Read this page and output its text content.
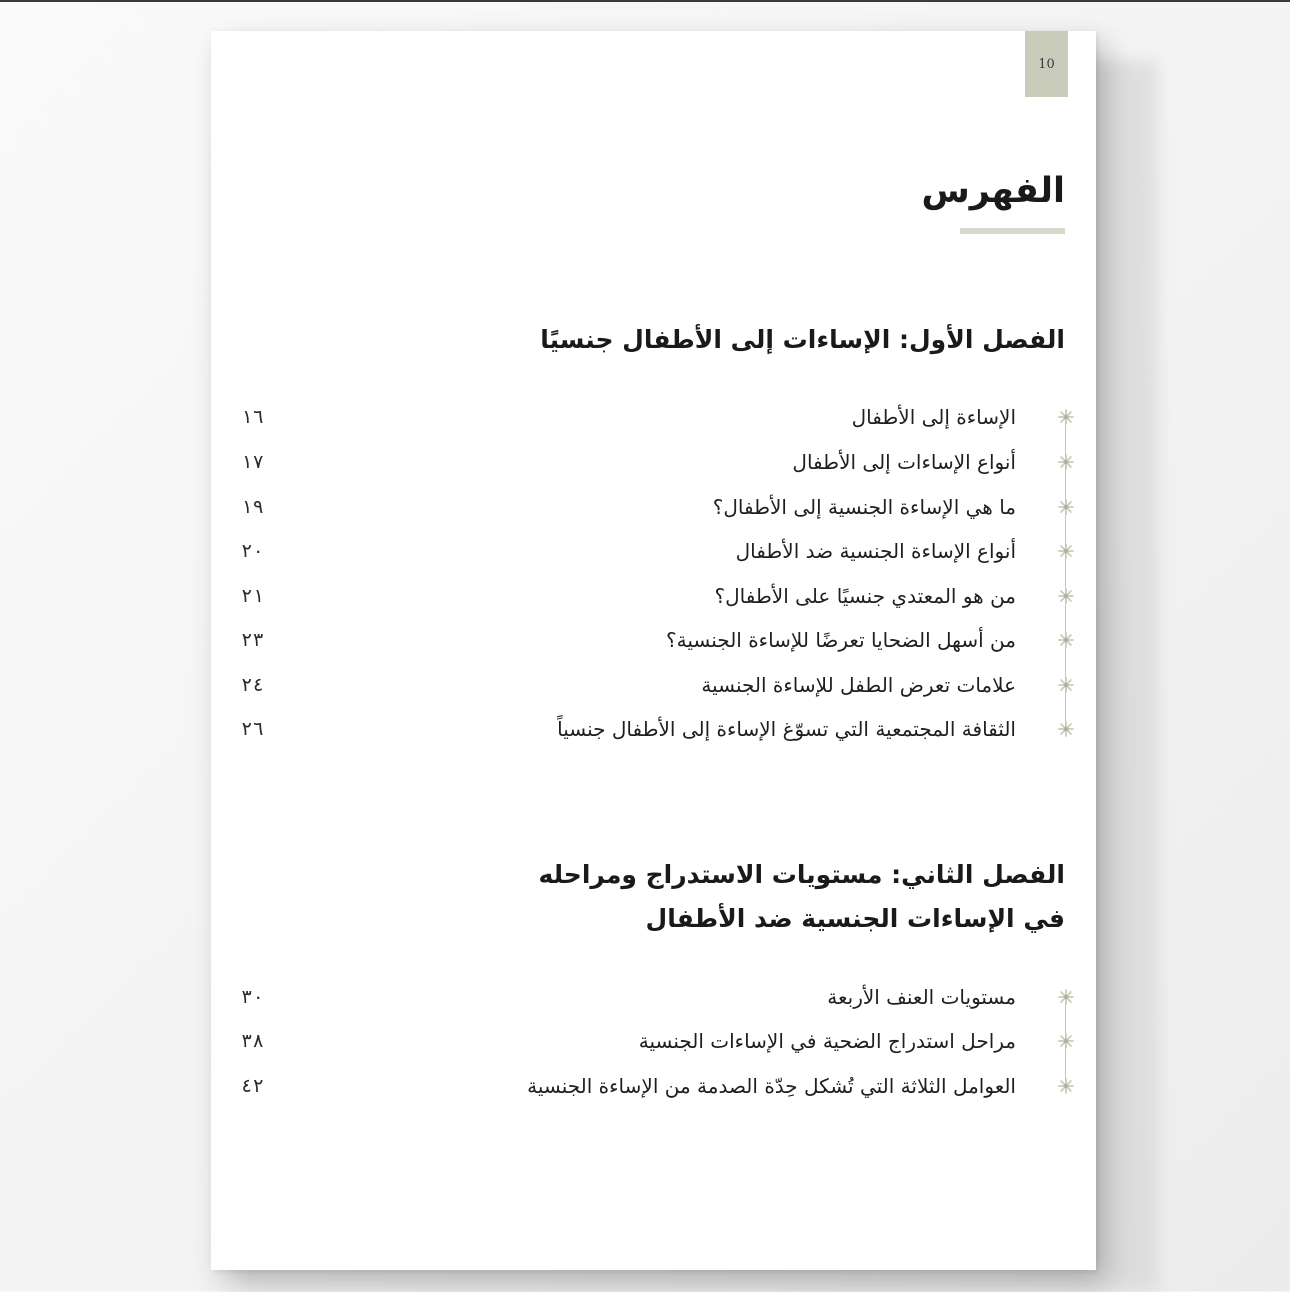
10
الفهرس
الفصل الأول: الإساءات إلى الأطفال جنسيًا
الإساءة إلى الأطفال
١٦
أنواع الإساءات إلى الأطفال
١٧
ما هي الإساءة الجنسية إلى الأطفال؟
١٩
أنواع الإساءة الجنسية ضد الأطفال
٢٠
من هو المعتدي جنسيًا على الأطفال؟
٢١
من أسهل الضحايا تعرضًا للإساءة الجنسية؟
٢٣
علامات تعرض الطفل للإساءة الجنسية
٢٤
الثقافة المجتمعية التي تسوّغ الإساءة إلى الأطفال جنسياً
٢٦
الفصل الثاني: مستويات الاستدراج ومراحله
في الإساءات الجنسية ضد الأطفال
مستويات العنف الأربعة
٣٠
مراحل استدراج الضحية في الإساءات الجنسية
٣٨
العوامل الثلاثة التي تُشكل حِدّة الصدمة من الإساءة الجنسية
٤٢
